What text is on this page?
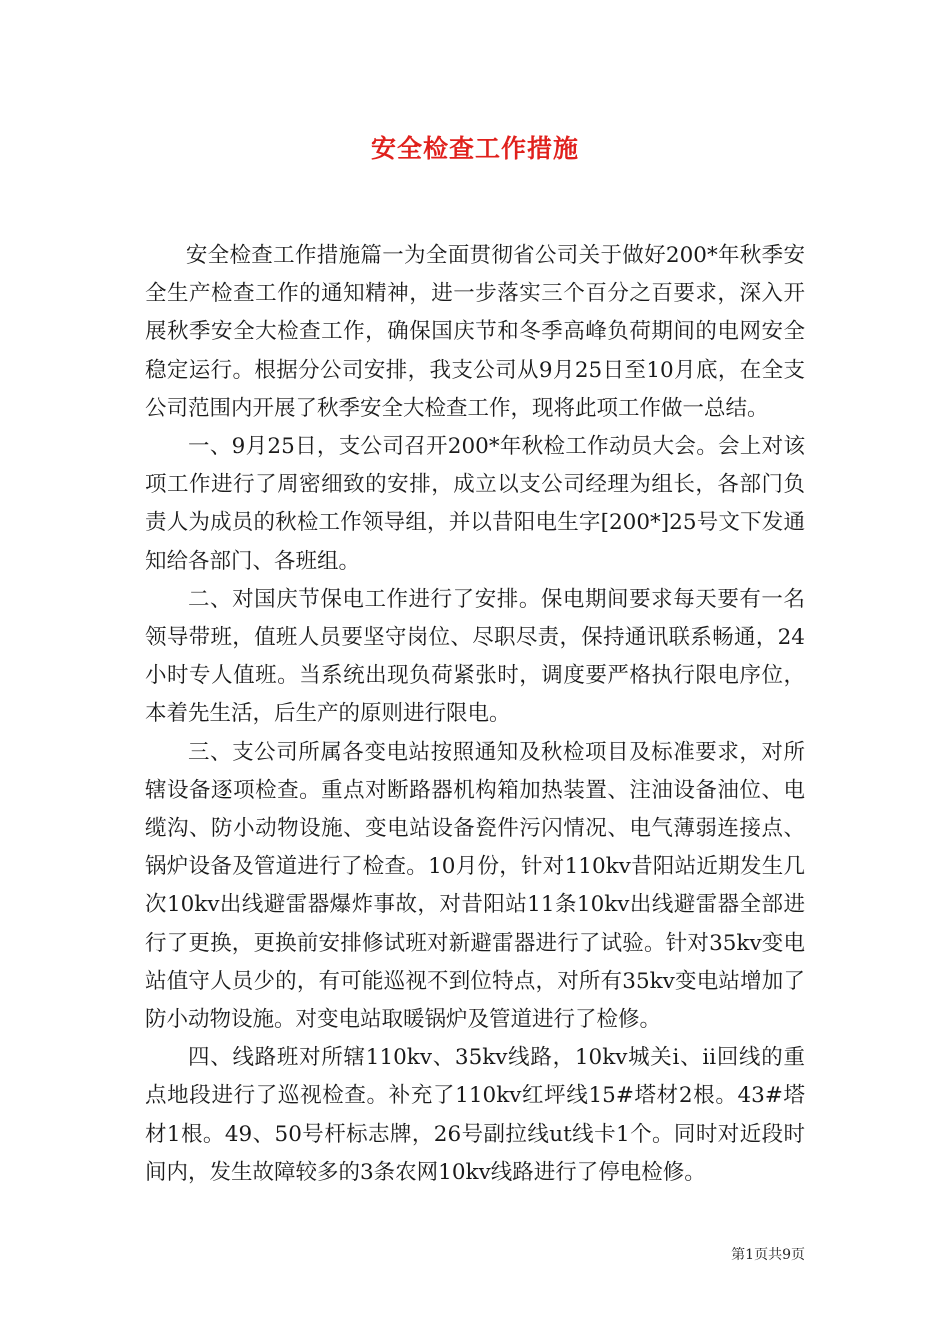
安全检查工作措施

安全检查工作措施篇一为全面贯彻省公司关于做好200*年秋季安全生产检查工作的通知精神，进一步落实三个百分之百要求，深入开展秋季安全大检查工作，确保国庆节和冬季高峰负荷期间的电网安全稳定运行。根据分公司安排，我支公司从9月25日至10月底，在全支公司范围内开展了秋季安全大检查工作，现将此项工作做一总结。

一、9月25日，支公司召开200*年秋检工作动员大会。会上对该项工作进行了周密细致的安排，成立以支公司经理为组长，各部门负责人为成员的秋检工作领导组，并以昔阳电生字[200*]25号文下发通知给各部门、各班组。

二、对国庆节保电工作进行了安排。保电期间要求每天要有一名领导带班，值班人员要坚守岗位、尽职尽责，保持通讯联系畅通，24小时专人值班。当系统出现负荷紧张时，调度要严格执行限电序位，本着先生活，后生产的原则进行限电。

三、支公司所属各变电站按照通知及秋检项目及标准要求，对所辖设备逐项检查。重点对断路器机构箱加热装置、注油设备油位、电缆沟、防小动物设施、变电站设备瓷件污闪情况、电气薄弱连接点、锅炉设备及管道进行了检查。10月份，针对110kv昔阳站近期发生几次10kv出线避雷器爆炸事故，对昔阳站11条10kv出线避雷器全部进行了更换，更换前安排修试班对新避雷器进行了试验。针对35kv变电站值守人员少的，有可能巡视不到位特点，对所有35kv变电站增加了防小动物设施。对变电站取暖锅炉及管道进行了检修。

四、线路班对所辖110kv、35kv线路，10kv城关i、ii回线的重点地段进行了巡视检查。补充了110kv红坪线15#塔材2根。43#塔材1根。49、50号杆标志牌，26号副拉线ut线卡1个。同时对近段时间内，发生故障较多的3条农网10kv线路进行了停电检修。

第1页共9页
